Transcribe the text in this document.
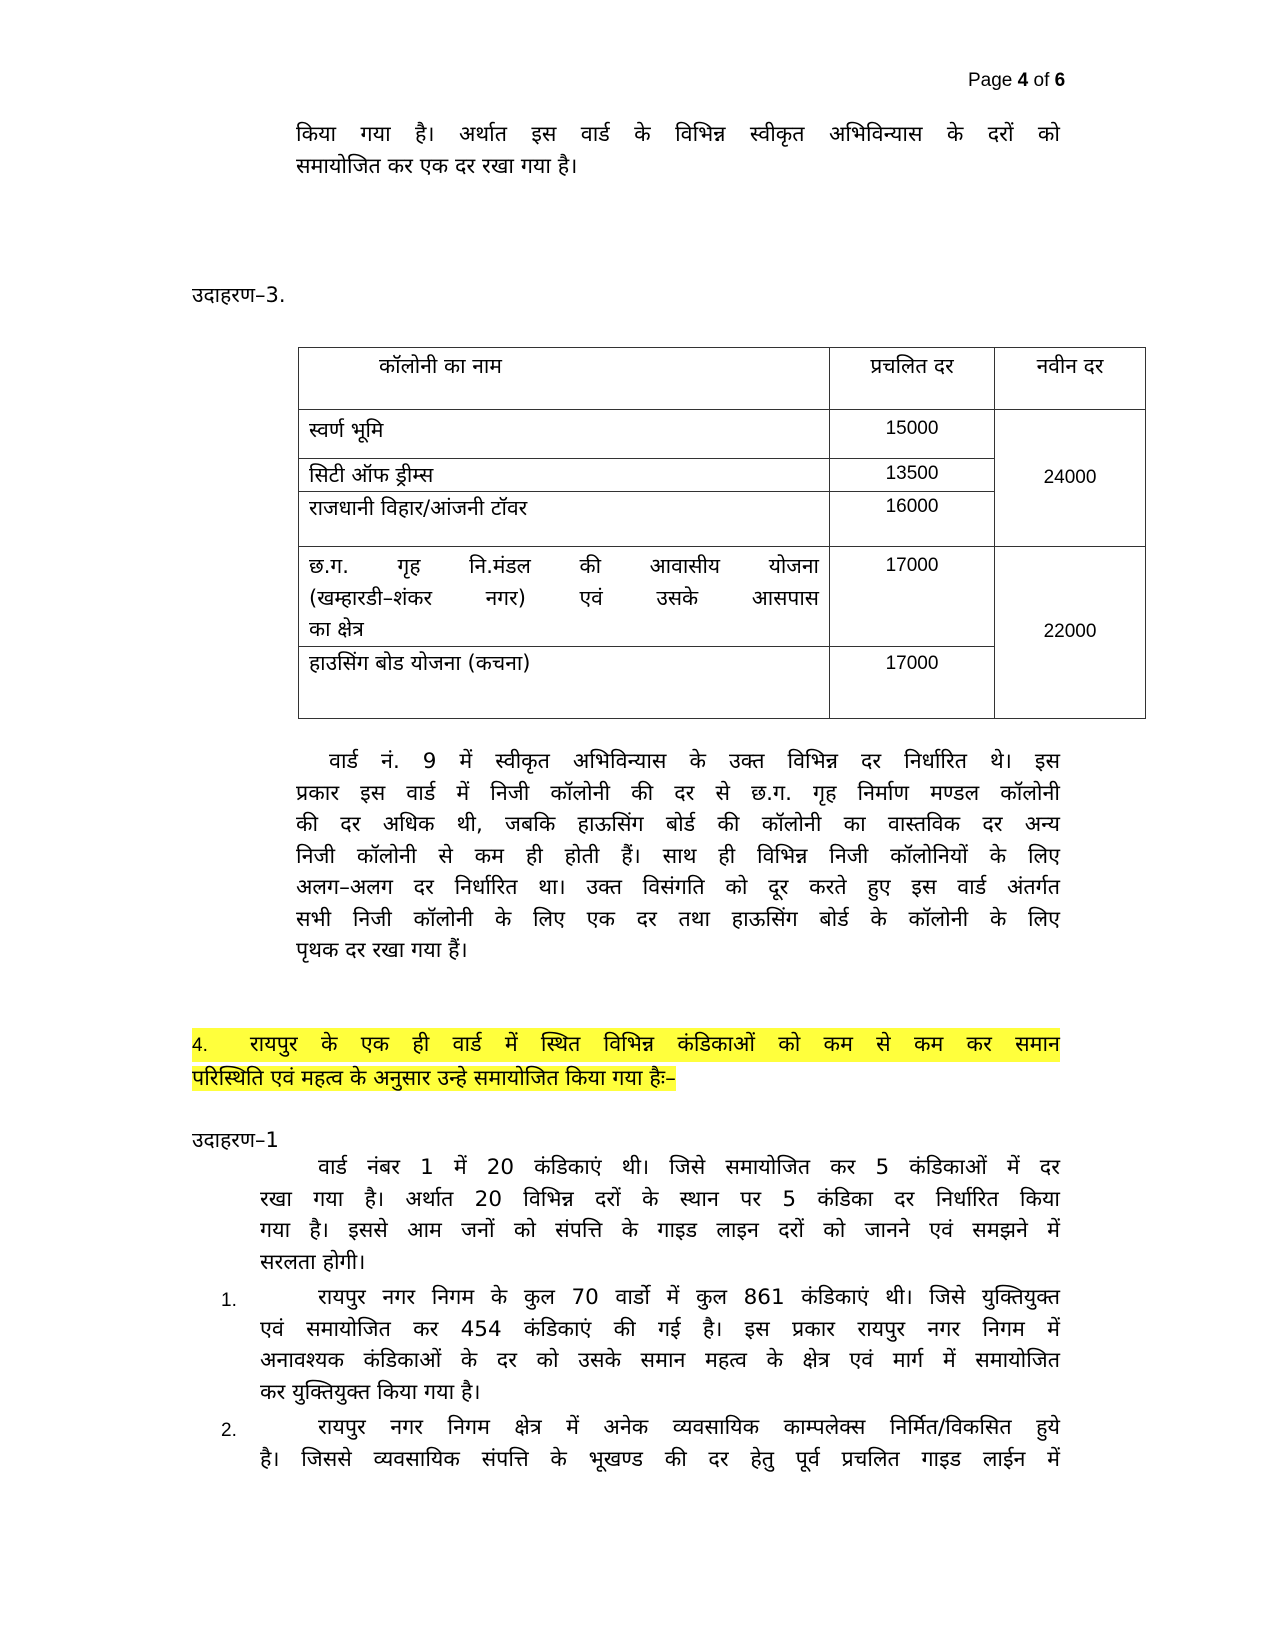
Page 4 of 6
किया गया है। अर्थात इस वार्ड के विभिन्न स्वीकृत अभिविन्यास के दरों को
समायोजित कर एक दर रखा गया है।
उदाहरण–3.
कॉलोनी का नाम	प्रचलित दर	नवीन दर
स्वर्ण भूमि	15000	24000
सिटी ऑफ ड्रीम्स	13500	
राजधानी विहार/आंजनी टॉवर	16000	

छ.ग. गृह नि.मंडल की आवासीय योजना
(खम्हारडी–शंकर नगर) एवं उसके आसपास
का क्षेत्र	17000	22000
हाउसिंग बोड योजना (कचना)	17000	
वार्ड नं. 9 में स्वीकृत अभिविन्यास के उक्त विभिन्न दर निर्धारित थे। इस
प्रकार इस वार्ड में निजी कॉलोनी की दर से छ.ग. गृह निर्माण मण्डल कॉलोनी
की दर अधिक थी, जबकि हाऊसिंग बोर्ड की कॉलोनी का वास्तविक दर अन्य
निजी कॉलोनी से कम ही होती हैं। साथ ही विभिन्न निजी कॉलोनियों के लिए
अलग–अलग दर निर्धारित था। उक्त विसंगति को दूर करते हुए इस वार्ड अंतर्गत
सभी निजी कॉलोनी के लिए एक दर तथा हाऊसिंग बोर्ड के कॉलोनी के लिए
पृथक दर रखा गया हैं।
4. रायपुर के एक ही वार्ड में स्थित विभिन्न कंडिकाओं को कम से कम कर समान
परिस्थिति एवं महत्व के अनुसार उन्हे समायोजित किया गया हैः–
उदाहरण–1
वार्ड नंबर 1 में 20 कंडिकाएं थी। जिसे समायोजित कर 5 कंडिकाओं में दर
रखा गया है। अर्थात 20 विभिन्न दरों के स्थान पर 5 कंडिका दर निर्धारित किया
गया है। इससे आम जनों को संपत्ति के गाइड लाइन दरों को जानने एवं समझने में
सरलता होगी।
1.	रायपुर नगर निगम के कुल 70 वार्डो में कुल 861 कंडिकाएं थी। जिसे युक्तियुक्त
एवं समायोजित कर 454 कंडिकाएं की गई है। इस प्रकार रायपुर नगर निगम में
अनावश्यक कंडिकाओं के दर को उसके समान महत्व के क्षेत्र एवं मार्ग में समायोजित
कर युक्तियुक्त किया गया है।
2.	रायपुर नगर निगम क्षेत्र में अनेक व्यवसायिक काम्पलेक्स निर्मित/विकसित हुये
है। जिससे व्यवसायिक संपत्ति के भूखण्ड की दर हेतु पूर्व प्रचलित गाइड लाईन में
